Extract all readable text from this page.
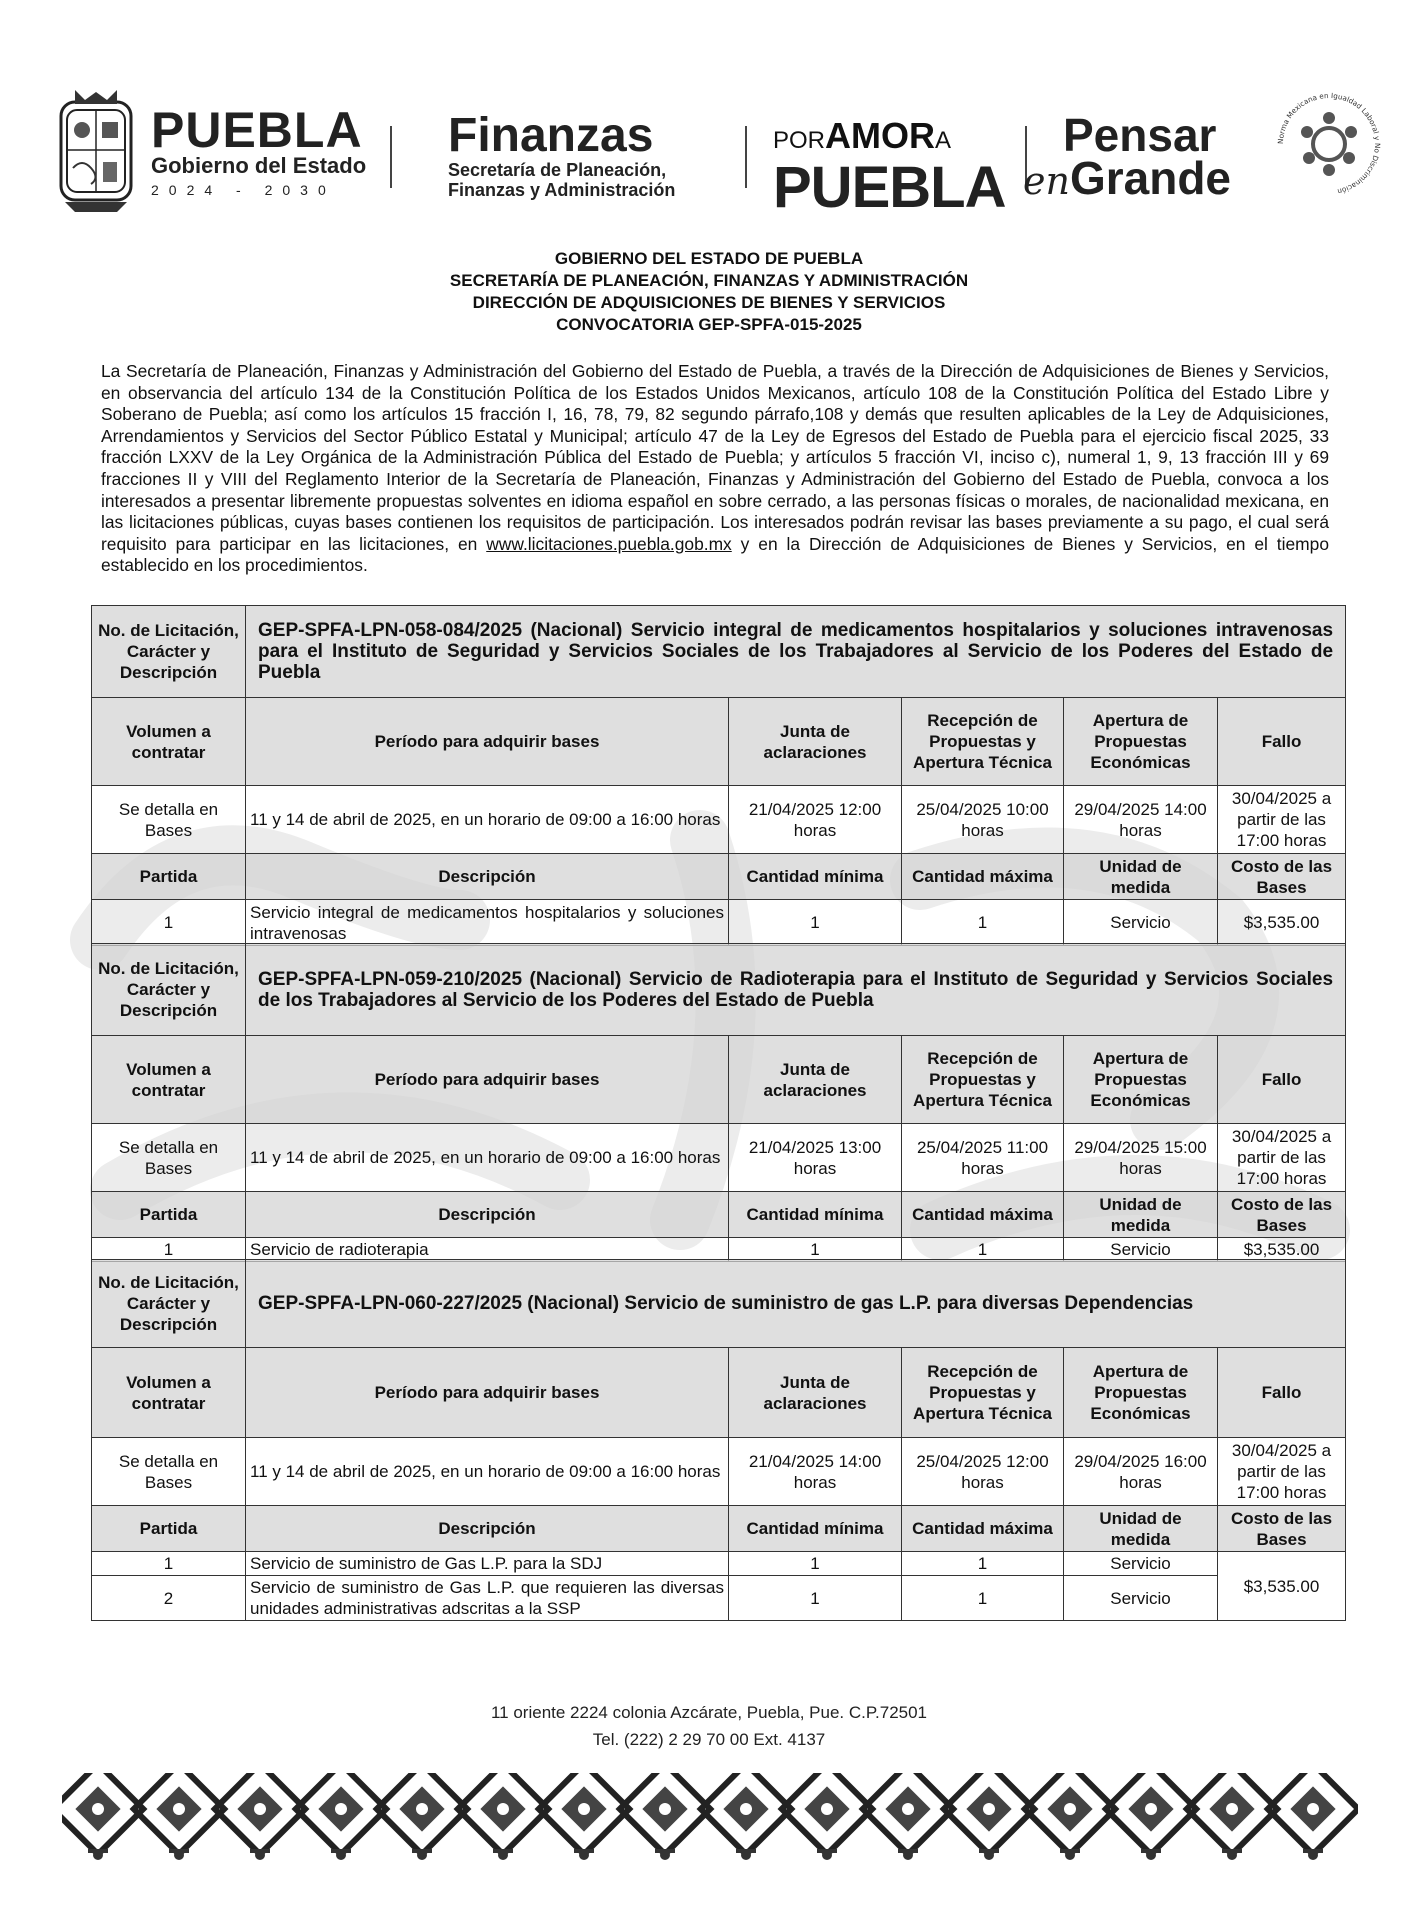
PUEBLA
Gobierno del Estado
2024 - 2030
Finanzas
Secretaría de Planeación,
Finanzas y Administración
PORAMORA
PUEBLA
Pensar
enGrande
Norma Mexicana en Igualdad Laboral y No Discriminación
GOBIERNO DEL ESTADO DE PUEBLA
SECRETARÍA DE PLANEACIÓN, FINANZAS Y ADMINISTRACIÓN
DIRECCIÓN DE ADQUISICIONES DE BIENES Y SERVICIOS
CONVOCATORIA GEP-SPFA-015-2025
La Secretaría de Planeación, Finanzas y Administración del Gobierno del Estado de Puebla, a través de la Dirección de Adquisiciones de Bienes y Servicios, en observancia del artículo 134 de la Constitución Política de los Estados Unidos Mexicanos, artículo 108 de la Constitución Política del Estado Libre y Soberano de Puebla; así como los artículos 15 fracción I, 16, 78, 79, 82 segundo párrafo,108 y demás que resulten aplicables de la Ley de Adquisiciones, Arrendamientos y Servicios del Sector Público Estatal y Municipal; artículo 47 de la Ley de Egresos del Estado de Puebla para el ejercicio fiscal 2025, 33 fracción LXXV de la Ley Orgánica de la Administración Pública del Estado de Puebla; y artículos 5 fracción VI, inciso c), numeral 1, 9, 13 fracción III y 69 fracciones II y VIII del Reglamento Interior de la Secretaría de Planeación, Finanzas y Administración del Gobierno del Estado de Puebla, convoca a los interesados a presentar libremente propuestas solventes en idioma español en sobre cerrado, a las personas físicas o morales, de nacionalidad mexicana, en las licitaciones públicas, cuyas bases contienen los requisitos de participación. Los interesados podrán revisar las bases previamente a su pago, el cual será requisito para participar en las licitaciones, en www.licitaciones.puebla.gob.mx y en la Dirección de Adquisiciones de Bienes y Servicios, en el tiempo establecido en los procedimientos.
No. de Licitación, Carácter y Descripción	GEP-SPFA-LPN-058-084/2025 (Nacional) Servicio integral de medicamentos hospitalarios y soluciones intravenosas para el Instituto de Seguridad y Servicios Sociales de los Trabajadores al Servicio de los Poderes del Estado de Puebla				
Volumen a contratar	Período para adquirir bases	Junta de aclaraciones	Recepción de Propuestas y Apertura Técnica	Apertura de Propuestas Económicas	Fallo
Se detalla en Bases	11 y 14 de abril de 2025, en un horario de 09:00 a 16:00 horas	21/04/2025 12:00 horas	25/04/2025 10:00 horas	29/04/2025 14:00 horas	30/04/2025 a partir de las 17:00 horas
Partida	Descripción	Cantidad mínima	Cantidad máxima	Unidad de medida	Costo de las Bases
1	Servicio integral de medicamentos hospitalarios y soluciones intravenosas	1	1	Servicio	$3,535.00
No. de Licitación, Carácter y Descripción	GEP-SPFA-LPN-059-210/2025 (Nacional) Servicio de Radioterapia para el Instituto de Seguridad y Servicios Sociales de los Trabajadores al Servicio de los Poderes del Estado de Puebla				
Volumen a contratar	Período para adquirir bases	Junta de aclaraciones	Recepción de Propuestas y Apertura Técnica	Apertura de Propuestas Económicas	Fallo
Se detalla en Bases	11 y 14 de abril de 2025, en un horario de 09:00 a 16:00 horas	21/04/2025 13:00 horas	25/04/2025 11:00 horas	29/04/2025 15:00 horas	30/04/2025 a partir de las 17:00 horas
Partida	Descripción	Cantidad mínima	Cantidad máxima	Unidad de medida	Costo de las Bases
1	Servicio de radioterapia	1	1	Servicio	$3,535.00
No. de Licitación, Carácter y Descripción	GEP-SPFA-LPN-060-227/2025 (Nacional) Servicio de suministro de gas L.P. para diversas Dependencias				
Volumen a contratar	Período para adquirir bases	Junta de aclaraciones	Recepción de Propuestas y Apertura Técnica	Apertura de Propuestas Económicas	Fallo
Se detalla en Bases	11 y 14 de abril de 2025, en un horario de 09:00 a 16:00 horas	21/04/2025 14:00 horas	25/04/2025 12:00 horas	29/04/2025 16:00 horas	30/04/2025 a partir de las 17:00 horas
Partida	Descripción	Cantidad mínima	Cantidad máxima	Unidad de medida	Costo de las Bases
1	Servicio de suministro de Gas L.P. para la SDJ	1	1	Servicio	$3,535.00
2	Servicio de suministro de Gas L.P. que requieren las diversas unidades administrativas adscritas a la SSP	1	1	Servicio	
11 oriente 2224 colonia Azcárate, Puebla, Pue. C.P.72501
Tel. (222) 2 29 70 00 Ext. 4137
